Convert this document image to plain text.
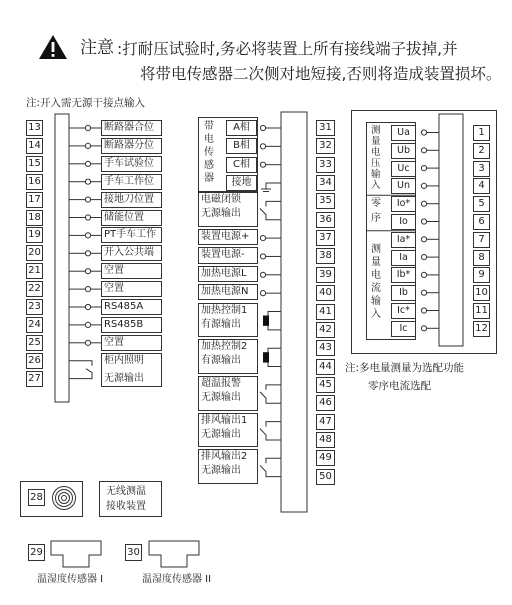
注意 :打耐压试验时,务必将装置上所有接线端子拔掉,并
将带电传感器二次侧对地短接,否则将造成装置损坏。
注:开入需无源干接点输入
13
14
15
16
17
18
19
20
21
22
23
24
25
26
27
断路器合位
断路器分位
手车试验位
手车工作位
接地刀位置
储能位置
PT手车工作
开入公共端
空置
空置
RS485A
RS485B
空置
柜内照明
无源输出
28
无线测温
接收装置
29
温湿度传感器 I
30
温湿度传感器 II
31
32
33
34
35
36
37
38
39
40
41
42
43
44
45
46
47
48
49
50
带
电
传
感
器
A相
B相
C相
接地
电磁闭锁
无源输出
装置电源+
装置电源-
加热电源L
加热电源N
加热控制1
有源输出
加热控制2
有源输出
超温报警
无源输出
排风输出1
无源输出
排风输出2
无源输出
1
2
3
4
5
6
7
8
9
10
11
12
测
量
电
压
输
入
零
序
测
量
电
流
输
入
Ua
Ub
Uc
Un
Io*
Io
Ia*
Ia
Ib*
Ib
Ic*
Ic
注:多电量测量为选配功能
零序电流选配
